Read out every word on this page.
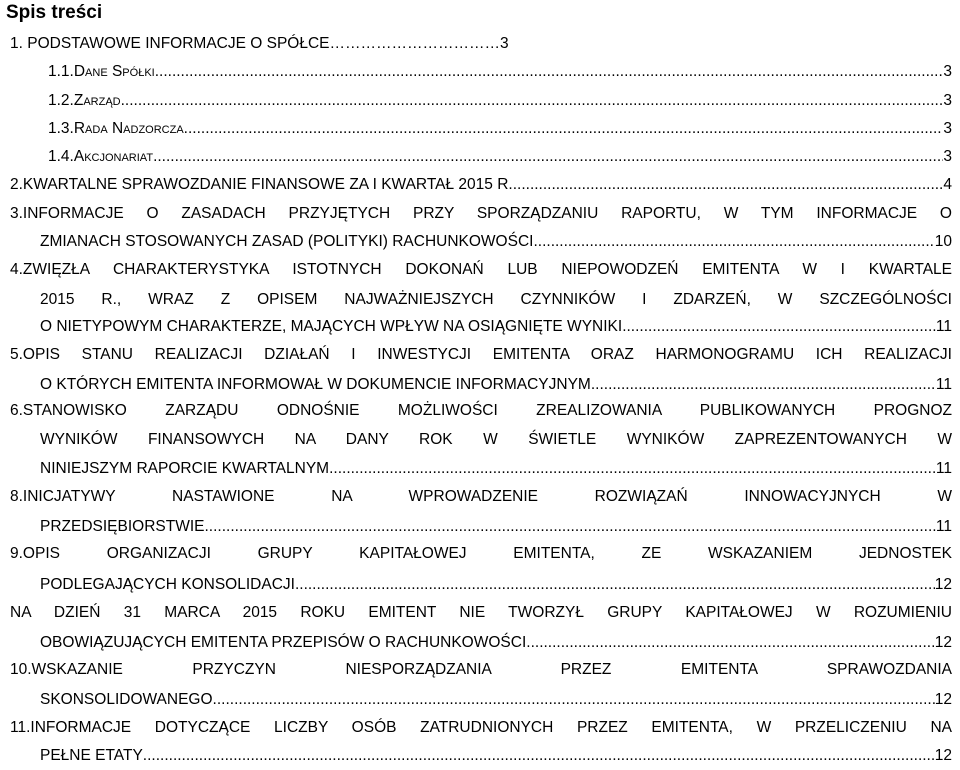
Spis treści
1. PODSTAWOWE INFORMACJE O SPÓŁCE……………………………3
1.1.Dane Spółki .....	3
1.2.Zarząd .....	3
1.3.Rada Nadzorcza .....	3
1.4.Akcjonariat .....	3
2.KWARTALNE SPRAWOZDANIE FINANSOWE ZA I KWARTAŁ 2015 R. .....	4
3.INFORMACJE O ZASADACH PRZYJĘTYCH PRZY SPORZĄDZANIU RAPORTU, W TYM INFORMACJE O
ZMIANACH STOSOWANYCH ZASAD (POLITYKI) RACHUNKOWOŚCI .....	10
4.ZWIĘZŁA CHARAKTERYSTYKA ISTOTNYCH DOKONAŃ LUB NIEPOWODZEŃ EMITENTA W I KWARTALE
2015 R., WRAZ Z OPISEM NAJWAŻNIEJSZYCH CZYNNIKÓW I ZDARZEŃ, W SZCZEGÓLNOŚCI
O NIETYPOWYM CHARAKTERZE, MAJĄCYCH WPŁYW NA OSIĄGNIĘTE WYNIKI .....	11
5.OPIS STANU REALIZACJI DZIAŁAŃ I INWESTYCJI EMITENTA ORAZ HARMONOGRAMU ICH REALIZACJI
O KTÓRYCH EMITENTA INFORMOWAŁ W DOKUMENCIE INFORMACYJNYM .....	11
6.STANOWISKO ZARZĄDU ODNOŚNIE MOŻLIWOŚCI ZREALIZOWANIA PUBLIKOWANYCH PROGNOZ
WYNIKÓW FINANSOWYCH NA DANY ROK W ŚWIETLE WYNIKÓW ZAPREZENTOWANYCH W
NINIEJSZYM RAPORCIE KWARTALNYM .....	11
8.INICJATYWY NASTAWIONE NA WPROWADZENIE ROZWIĄZAŃ INNOWACYJNYCH W
PRZEDSIĘBIORSTWIE .....	11
9.OPIS ORGANIZACJI GRUPY KAPITAŁOWEJ EMITENTA, ZE WSKAZANIEM JEDNOSTEK
PODLEGAJĄCYCH KONSOLIDACJI .....	12
NA DZIEŃ 31 MARCA 2015 ROKU EMITENT NIE TWORZYŁ GRUPY KAPITAŁOWEJ W ROZUMIENIU
OBOWIĄZUJĄCYCH EMITENTA PRZEPISÓW O RACHUNKOWOŚCI. .....	12
10.WSKAZANIE PRZYCZYN NIESPORZĄDZANIA PRZEZ EMITENTA SPRAWOZDANIA
SKONSOLIDOWANEGO .....	12
11.INFORMACJE DOTYCZĄCE LICZBY OSÓB ZATRUDNIONYCH PRZEZ EMITENTA, W PRZELICZENIU NA
PEŁNE ETATY .....	12
